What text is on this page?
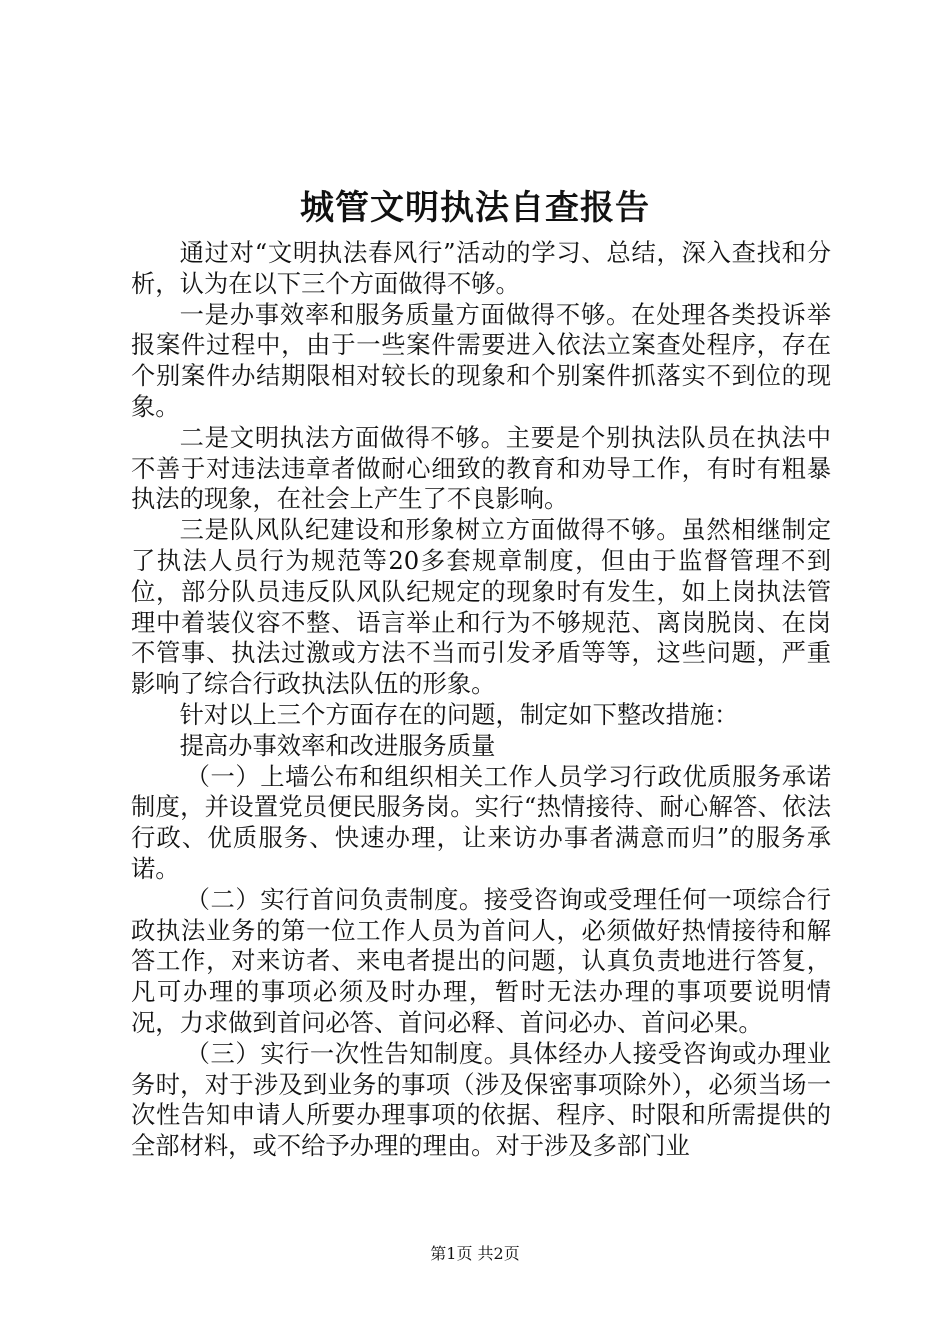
城管文明执法自查报告

通过对“文明执法春风行”活动的学习、总结，深入查找和分析，认为在以下三个方面做得不够。

一是办事效率和服务质量方面做得不够。在处理各类投诉举报案件过程中，由于一些案件需要进入依法立案查处程序，存在个别案件办结期限相对较长的现象和个别案件抓落实不到位的现象。

二是文明执法方面做得不够。主要是个别执法队员在执法中不善于对违法违章者做耐心细致的教育和劝导工作，有时有粗暴执法的现象，在社会上产生了不良影响。

三是队风队纪建设和形象树立方面做得不够。虽然相继制定了执法人员行为规范等20多套规章制度，但由于监督管理不到位，部分队员违反队风队纪规定的现象时有发生，如上岗执法管理中着装仪容不整、语言举止和行为不够规范、离岗脱岗、在岗不管事、执法过激或方法不当而引发矛盾等等，这些问题，严重影响了综合行政执法队伍的形象。

针对以上三个方面存在的问题，制定如下整改措施：

提高办事效率和改进服务质量

（一）上墙公布和组织相关工作人员学习行政优质服务承诺制度，并设置党员便民服务岗。实行“热情接待、耐心解答、依法行政、优质服务、快速办理，让来访办事者满意而归”的服务承诺。

（二）实行首问负责制度。接受咨询或受理任何一项综合行政执法业务的第一位工作人员为首问人，必须做好热情接待和解答工作，对来访者、来电者提出的问题，认真负责地进行答复，凡可办理的事项必须及时办理，暂时无法办理的事项要说明情况，力求做到首问必答、首问必释、首问必办、首问必果。

（三）实行一次性告知制度。具体经办人接受咨询或办理业务时，对于涉及到业务的事项（涉及保密事项除外），必须当场一次性告知申请人所要办理事项的依据、程序、时限和所需提供的全部材料，或不给予办理的理由。对于涉及多部门业

第1页 共2页
